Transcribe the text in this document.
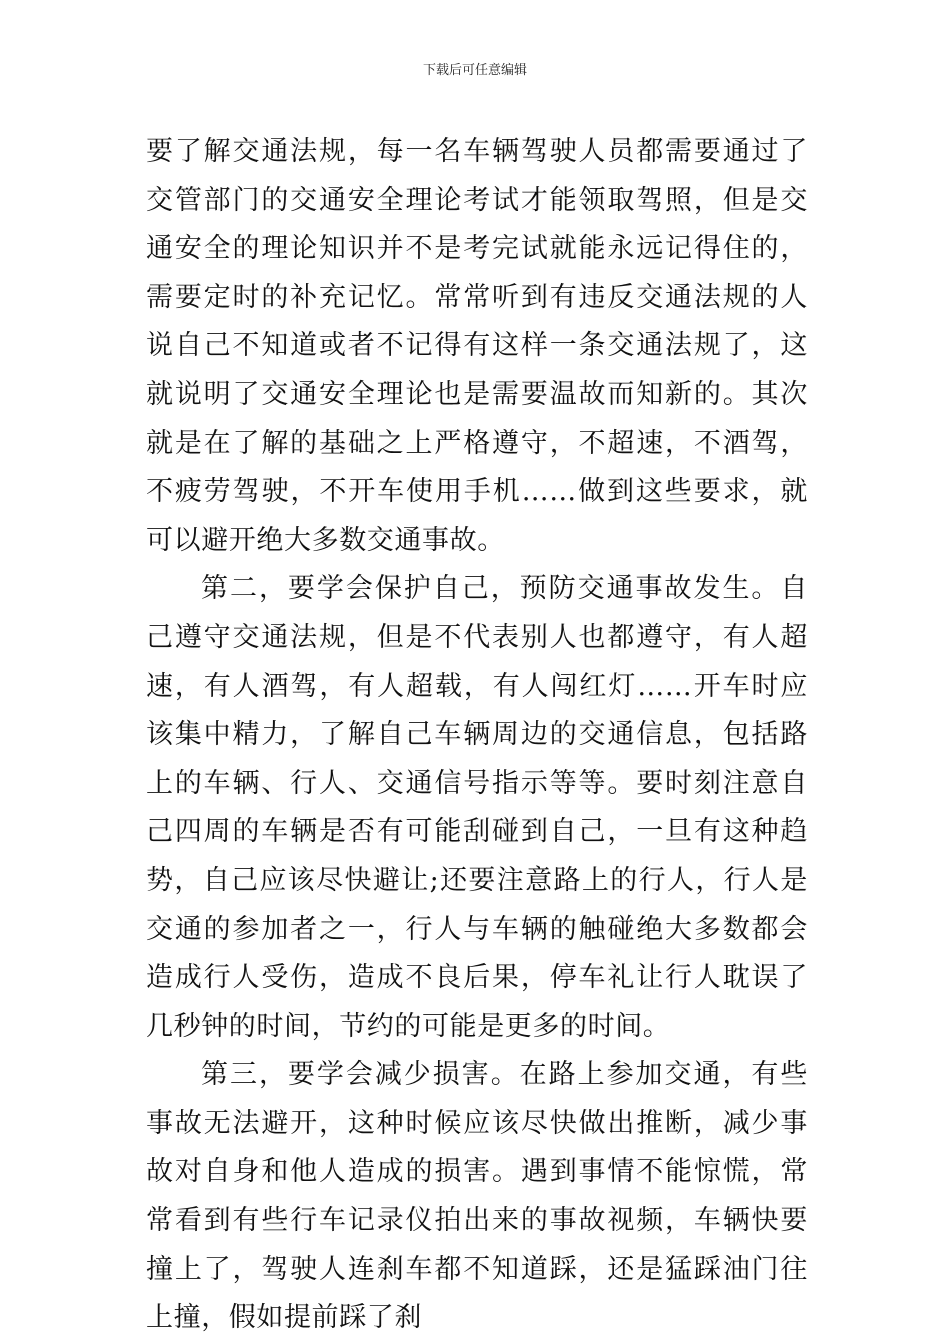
下载后可任意编辑

要了解交通法规，每一名车辆驾驶人员都需要通过了交管部门的交通安全理论考试才能领取驾照，但是交通安全的理论知识并不是考完试就能永远记得住的，需要定时的补充记忆。常常听到有违反交通法规的人说自己不知道或者不记得有这样一条交通法规了，这就说明了交通安全理论也是需要温故而知新的。其次就是在了解的基础之上严格遵守，不超速，不酒驾，不疲劳驾驶，不开车使用手机……做到这些要求，就可以避开绝大多数交通事故。

第二，要学会保护自己，预防交通事故发生。自己遵守交通法规，但是不代表别人也都遵守，有人超速，有人酒驾，有人超载，有人闯红灯……开车时应该集中精力，了解自己车辆周边的交通信息，包括路上的车辆、行人、交通信号指示等等。要时刻注意自己四周的车辆是否有可能刮碰到自己，一旦有这种趋势，自己应该尽快避让;还要注意路上的行人，行人是交通的参加者之一，行人与车辆的触碰绝大多数都会造成行人受伤，造成不良后果，停车礼让行人耽误了几秒钟的时间，节约的可能是更多的时间。

第三，要学会减少损害。在路上参加交通，有些事故无法避开，这种时候应该尽快做出推断，减少事故对自身和他人造成的损害。遇到事情不能惊慌，常常看到有些行车记录仪拍出来的事故视频，车辆快要撞上了，驾驶人连刹车都不知道踩，还是猛踩油门往上撞，假如提前踩了刹
